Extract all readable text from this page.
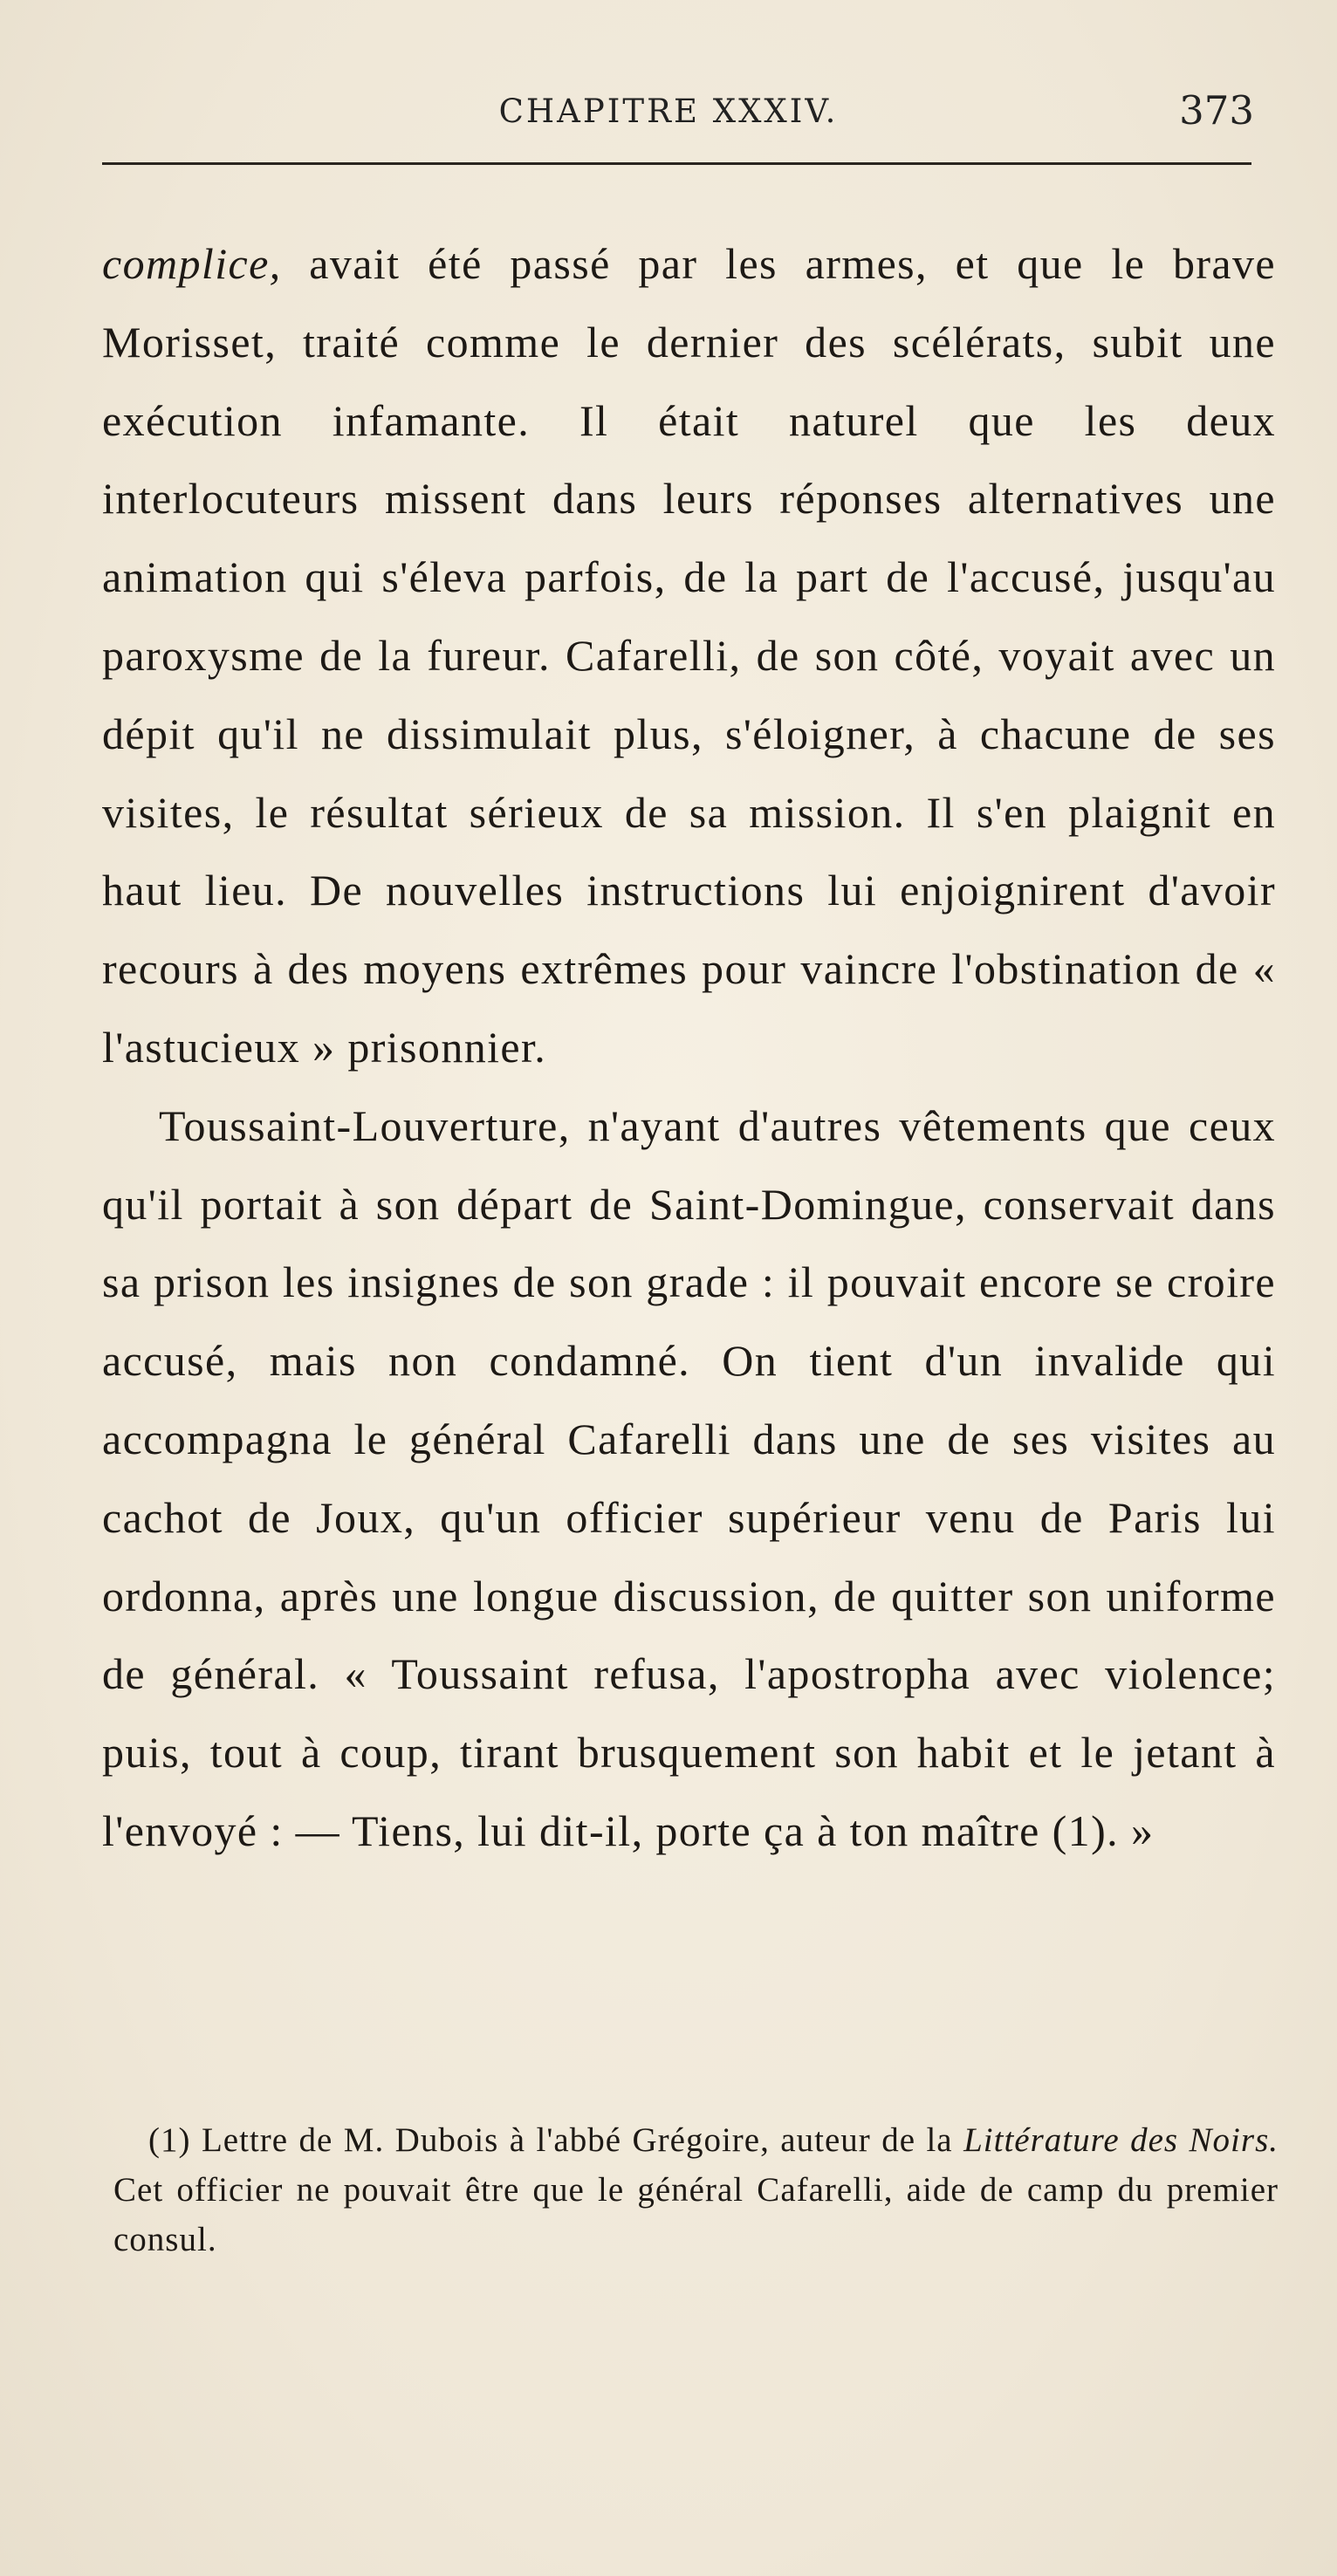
CHAPITRE XXXIV.	373

complice, avait été passé par les armes, et que le brave Morisset, traité comme le dernier des scélérats, subit une exécution infamante. Il était naturel que les deux interlocuteurs missent dans leurs réponses alternatives une animation qui s'éleva parfois, de la part de l'accusé, jusqu'au paroxysme de la fureur. Cafarelli, de son côté, voyait avec un dépit qu'il ne dissimulait plus, s'éloigner, à chacune de ses visites, le résultat sérieux de sa mission. Il s'en plaignit en haut lieu. De nouvelles instructions lui enjoignirent d'avoir recours à des moyens extrêmes pour vaincre l'obstination de « l'astucieux » prisonnier.

Toussaint-Louverture, n'ayant d'autres vêtements que ceux qu'il portait à son départ de Saint-Domingue, conservait dans sa prison les insignes de son grade : il pouvait encore se croire accusé, mais non condamné. On tient d'un invalide qui accompagna le général Cafarelli dans une de ses visites au cachot de Joux, qu'un officier supérieur venu de Paris lui ordonna, après une longue discussion, de quitter son uniforme de général. « Toussaint refusa, l'apostropha avec violence; puis, tout à coup, tirant brusquement son habit et le jetant à l'envoyé : — Tiens, lui dit-il, porte ça à ton maître (1). »

(1) Lettre de M. Dubois à l'abbé Grégoire, auteur de la Littérature des Noirs. Cet officier ne pouvait être que le général Cafarelli, aide de camp du premier consul.
